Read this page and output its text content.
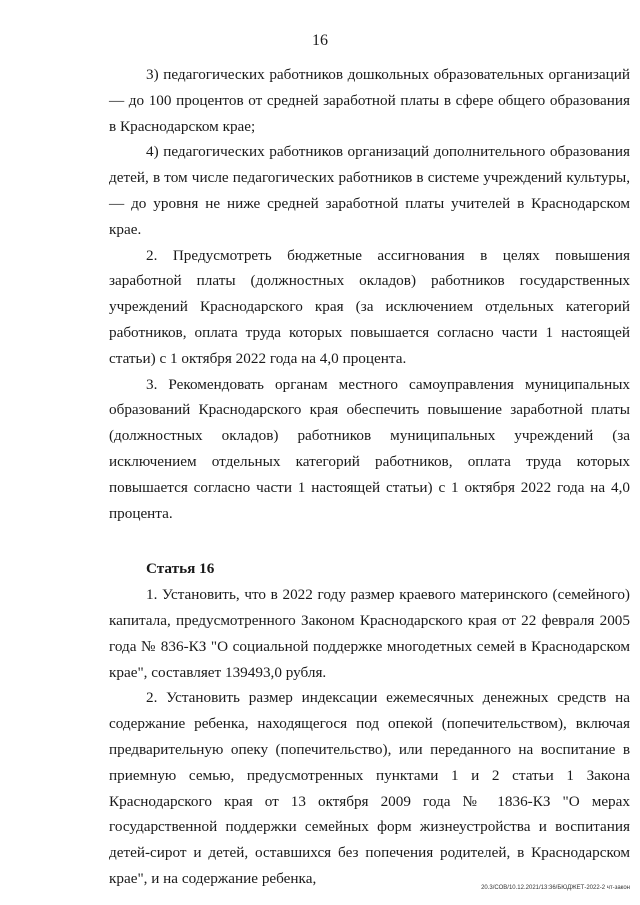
16

3) педагогических работников дошкольных образовательных организаций — до 100 процентов от средней заработной платы в сфере общего образования в Краснодарском крае;

4) педагогических работников организаций дополнительного образования детей, в том числе педагогических работников в системе учреждений культуры, — до уровня не ниже средней заработной платы учителей в Краснодарском крае.

2. Предусмотреть бюджетные ассигнования в целях повышения заработной платы (должностных окладов) работников государственных учреждений Краснодарского края (за исключением отдельных категорий работников, оплата труда которых повышается согласно части 1 настоящей статьи) с 1 октября 2022 года на 4,0 процента.

3. Рекомендовать органам местного самоуправления муниципальных образований Краснодарского края обеспечить повышение заработной платы (должностных окладов) работников муниципальных учреждений (за исключением отдельных категорий работников, оплата труда которых повышается согласно части 1 настоящей статьи) с 1 октября 2022 года на 4,0 процента.

Статья 16

1. Установить, что в 2022 году размер краевого материнского (семейного) капитала, предусмотренного Законом Краснодарского края от 22 февраля 2005 года № 836-КЗ "О социальной поддержке многодетных семей в Краснодарском крае", составляет 139493,0 рубля.

2. Установить размер индексации ежемесячных денежных средств на содержание ребенка, находящегося под опекой (попечительством), включая предварительную опеку (попечительство), или переданного на воспитание в приемную семью, предусмотренных пунктами 1 и 2 статьи 1 Закона Краснодарского края от 13 октября 2009 года № 1836-КЗ "О мерах государственной поддержки семейных форм жизнеустройства и воспитания детей-сирот и детей, оставшихся без попечения родителей, в Краснодарском крае", и на содержание ребенка,

20.3/СОВ/10.12.2021/13:36/БЮДЖЕТ-2022-2 чт-закон
